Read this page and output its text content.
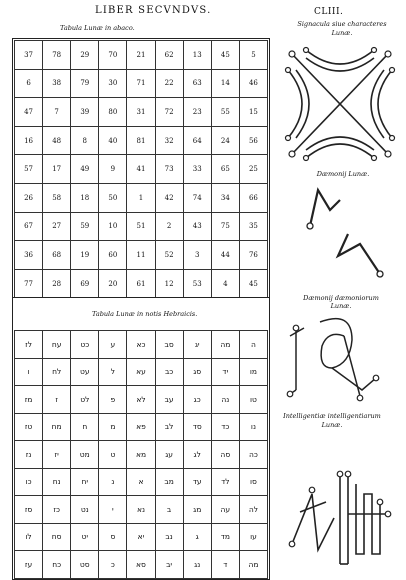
LIBER SECVNDVS.	CLIII.
Tabula Lunæ in abaco.	Signacula siue characteres Lunæ.
37	78	29	70	21	62	13	45	5
6	38	79	30	71	22	63	14	46
47	7	39	80	31	72	23	55	15
16	48	8	40	81	32	64	24	56
57	17	49	9	41	73	33	65	25
26	58	18	50	1	42	74	34	66
67	27	59	10	51	2	43	75	35
36	68	19	60	11	52	3	44	76
77	28	69	20	61	12	53	4	45
Tabula Lunæ in notis Hebraicis.
לז	עח	כט	ע	כא	סב	יג	מה	ה
ו	לח	עט	ל	עא	כב	סג	יד	מו
מז	ז	לט	פ	לא	עב	כג	נה	טו
טז	מח	ח	מ	פא	לב	סד	כד	נו
נז	יז	מט	ט	מא	עג	לג	סה	כה
כו	נח	יח	נ	א	מב	עד	לד	סו
סז	כז	נט	י	נא	ב	מג	עה	לה
לו	סח	יט	ס	יא	נב	ג	מד	עו
עז	כח	סט	כ	סא	יב	נג	ד	מה
Dæmonij Lunæ.
Dæmonij dæmoniorum Lunæ.
Intelligentiæ intelligentiarum Lunæ.
